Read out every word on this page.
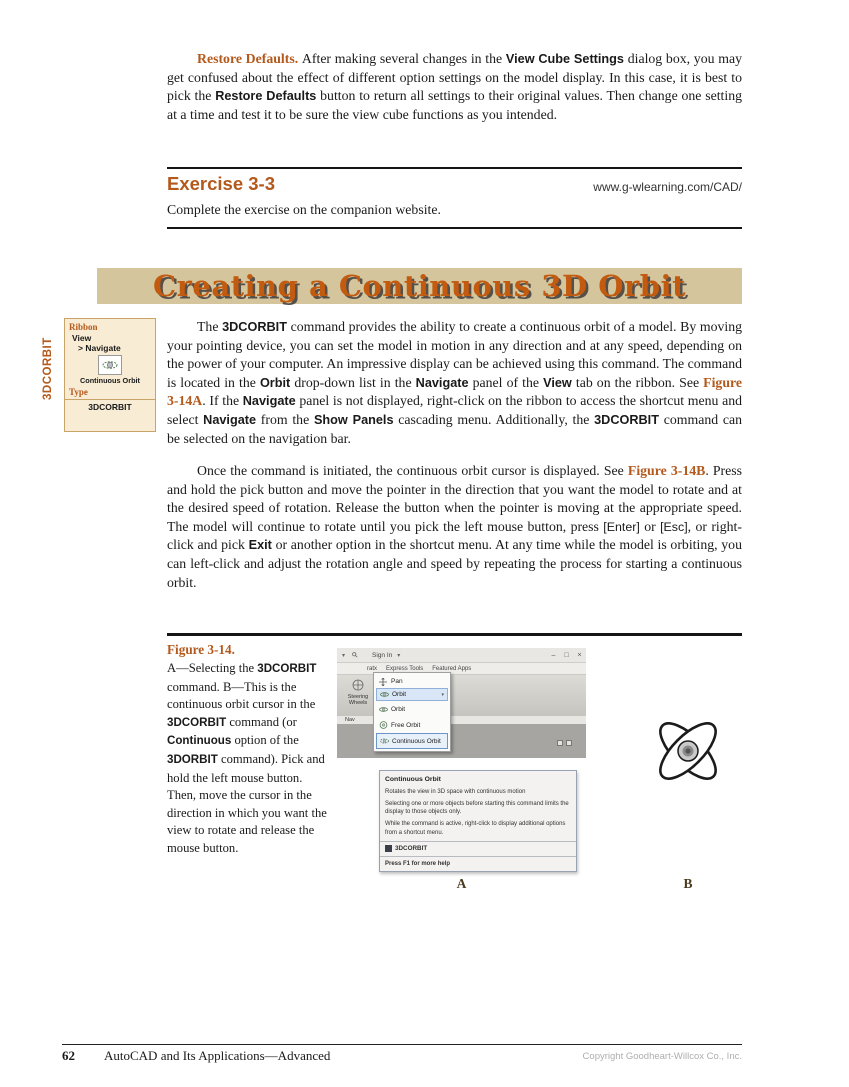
Restore Defaults. After making several changes in the View Cube Settings dialog box, you may get confused about the effect of different option settings on the model display. In this case, it is best to pick the Restore Defaults button to return all settings to their original values. Then change one setting at a time and test it to be sure the view cube functions as you intended.

Exercise 3-3	www.g-wlearning.com/CAD/
Complete the exercise on the companion website.
Creating a Continuous 3D Orbit
3DCORBIT
Ribbon
View
> Navigate
Continuous Orbit
Type
3DCORBIT

The 3DCORBIT command provides the ability to create a continuous orbit of a model. By moving your pointing device, you can set the model in motion in any direction and at any speed, depending on the power of your computer. An impressive display can be achieved using this command. The command is located in the Orbit drop-down list in the Navigate panel of the View tab on the ribbon. See Figure 3-14A. If the Navigate panel is not displayed, right-click on the ribbon to access the shortcut menu and select Navigate from the Show Panels cascading menu. Additionally, the 3DCORBIT command can be selected on the navigation bar.

Once the command is initiated, the continuous orbit cursor is displayed. See Figure 3-14B. Press and hold the pick button and move the pointer in the direction that you want the model to rotate and at the desired speed of rotation. Release the button when the pointer is moving at the appropriate speed. The model will continue to rotate until you pick the left mouse button, press [Enter] or [Esc], or right-click and pick Exit or another option in the shortcut menu. At any time while the model is orbiting, you can left-click and adjust the rotation angle and speed by repeating the process for starting a continuous orbit.

Figure 3-14.

A—Selecting the 3DCORBIT command. B—This is the continuous orbit cursor in the 3DCORBIT command (or Continuous option of the 3DORBIT command). Pick and hold the left mouse button. Then, move the cursor in the direction in which you want the view to rotate and release the mouse button.

▾	Sign In ▾	–	□	×
ratx Express Tools Featured Apps
Steering Wheels
Nav
Pan
Orbit	▾
Orbit
Free Orbit
Continuous Orbit
Continuous Orbit
Rotates the view in 3D space with continuous motion
Selecting one or more objects before starting this command limits the display to those objects only.
While the command is active, right-click to display additional options from a shortcut menu.
3DCORBIT
Press F1 for more help
A	B
62 AutoCAD and Its Applications—Advanced	Copyright Goodheart-Willcox Co., Inc.
